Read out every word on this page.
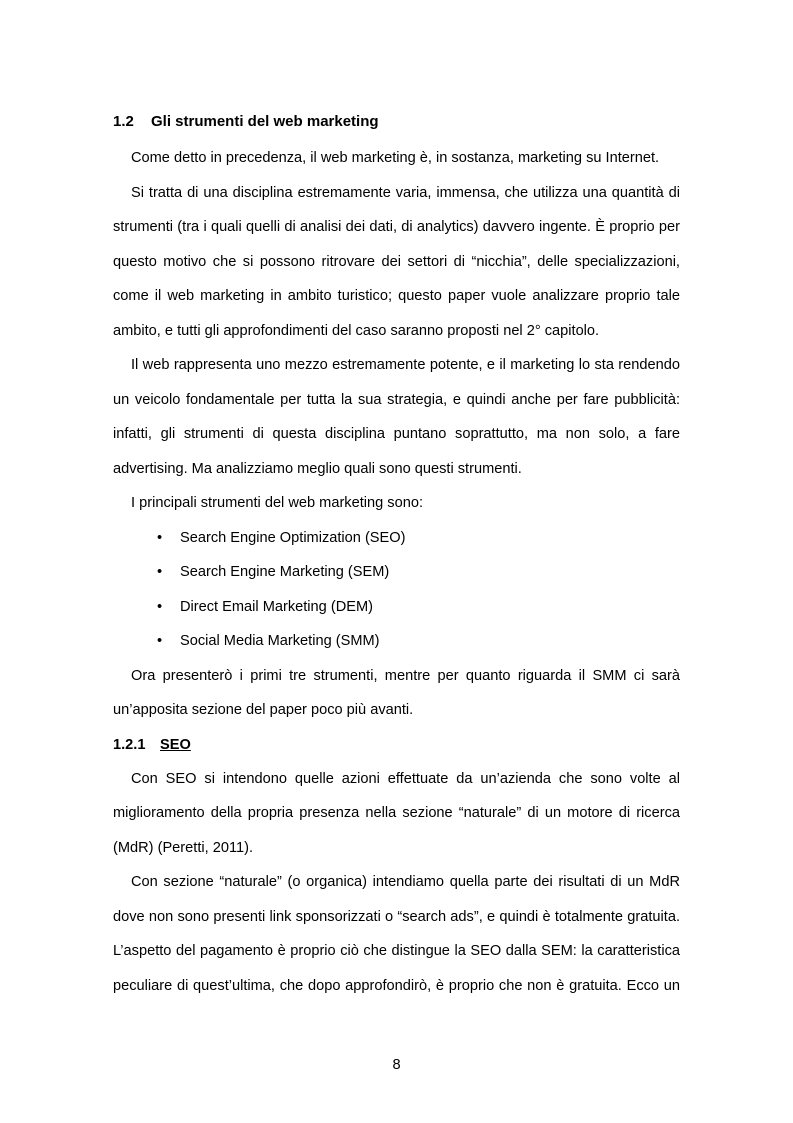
1.2	Gli strumenti del web marketing

Come detto in precedenza, il web marketing è, in sostanza, marketing su Internet.

Si tratta di una disciplina estremamente varia, immensa, che utilizza una quantità di strumenti (tra i quali quelli di analisi dei dati, di analytics) davvero ingente. È proprio per questo motivo che si possono ritrovare dei settori di “nicchia”, delle specializzazioni, come il web marketing in ambito turistico; questo paper vuole analizzare proprio tale ambito, e tutti gli approfondimenti del caso saranno proposti nel 2° capitolo.

Il web rappresenta uno mezzo estremamente potente, e il marketing lo sta rendendo un veicolo fondamentale per tutta la sua strategia, e quindi anche per fare pubblicità: infatti, gli strumenti di questa disciplina puntano soprattutto, ma non solo, a fare advertising. Ma analizziamo meglio quali sono questi strumenti.

I principali strumenti del web marketing sono:

• Search Engine Optimization (SEO)
• Search Engine Marketing (SEM)
• Direct Email Marketing (DEM)
• Social Media Marketing (SMM)

Ora presenterò i primi tre strumenti, mentre per quanto riguarda il SMM ci sarà un’apposita sezione del paper poco più avanti.

1.2.1 SEO

Con SEO si intendono quelle azioni effettuate da un’azienda che sono volte al miglioramento della propria presenza nella sezione “naturale” di un motore di ricerca (MdR) (Peretti, 2011).

Con sezione “naturale” (o organica) intendiamo quella parte dei risultati di un MdR dove non sono presenti link sponsorizzati o “search ads”, e quindi è totalmente gratuita. L’aspetto del pagamento è proprio ciò che distingue la SEO dalla SEM: la caratteristica peculiare di quest’ultima, che dopo approfondirò, è proprio che non è gratuita. Ecco un

8
